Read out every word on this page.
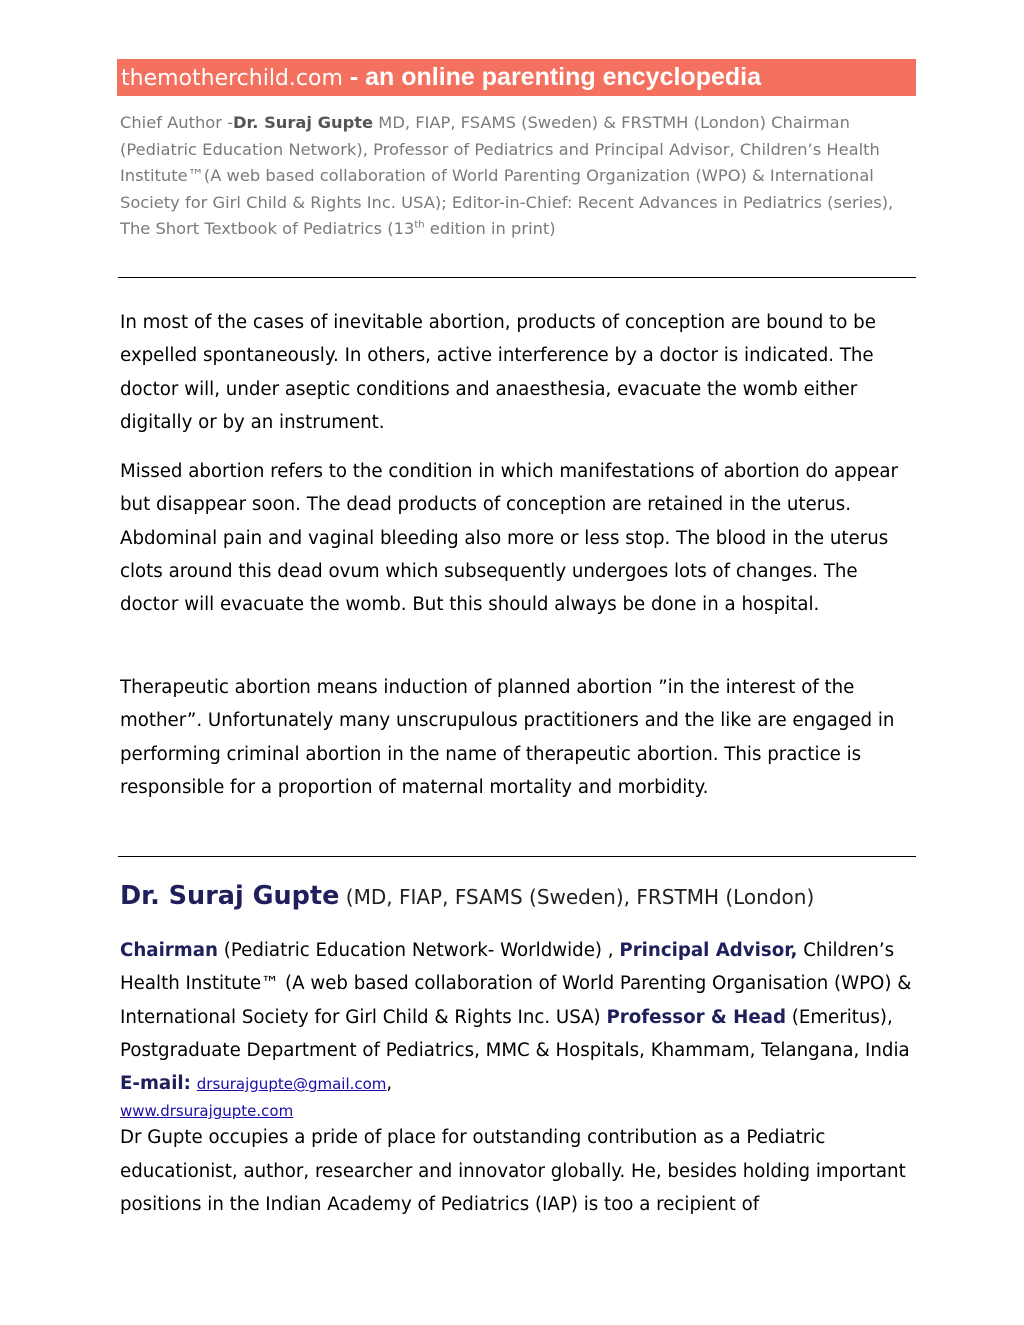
themotherchild.com - an online parenting encyclopedia
Chief Author -Dr. Suraj Gupte MD, FIAP, FSAMS (Sweden) & FRSTMH (London) Chairman (Pediatric Education Network), Professor of Pediatrics and Principal Advisor, Children’s Health Institute™(A web based collaboration of World Parenting Organization (WPO) & International Society for Girl Child & Rights Inc. USA); Editor-in-Chief: Recent Advances in Pediatrics (series), The Short Textbook of Pediatrics (13th edition in print)

In most of the cases of inevitable abortion, products of conception are bound to be expelled spontaneously. In others, active interference by a doctor is indicated. The doctor will, under aseptic conditions and anaesthesia, evacuate the womb either digitally or by an instrument.

Missed abortion refers to the condition in which manifestations of abortion do appear but disappear soon. The dead products of conception are retained in the uterus. Abdominal pain and vaginal bleeding also more or less stop. The blood in the uterus clots around this dead ovum which subsequently undergoes lots of changes. The doctor will evacuate the womb. But this should always be done in a hospital.

Therapeutic abortion means induction of planned abortion ”in the interest of the mother”. Unfortunately many unscrupulous practitioners and the like are engaged in performing criminal abortion in the name of therapeutic abortion. This practice is responsible for a proportion of maternal mortality and morbidity.

Dr. Suraj Gupte (MD, FIAP, FSAMS (Sweden), FRSTMH (London)
Chairman (Pediatric Education Network- Worldwide) , Principal Advisor, Children’s Health Institute™ (A web based collaboration of World Parenting Organisation (WPO) & International Society for Girl Child & Rights Inc. USA) Professor & Head (Emeritus), Postgraduate Department of Pediatrics, MMC & Hospitals, Khammam, Telangana, India E-mail: drsurajgupte@gmail.com,
www.drsurajgupte.com
Dr Gupte occupies a pride of place for outstanding contribution as a Pediatric educationist, author, researcher and innovator globally. He, besides holding important positions in the Indian Academy of Pediatrics (IAP) is too a recipient of
